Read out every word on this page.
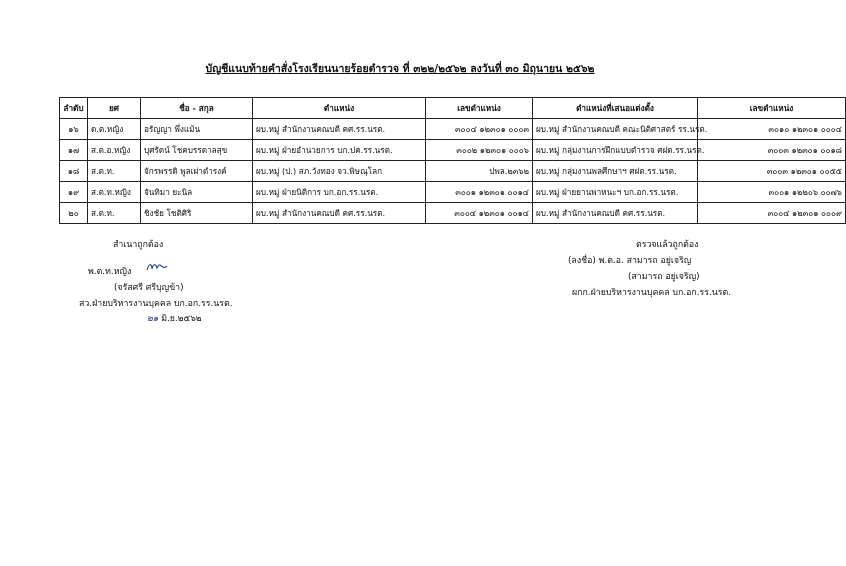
บัญชีแนบท้ายคำสั่งโรงเรียนนายร้อยตำรวจ ที่ ๓๒๒/๒๕๖๒ ลงวันที่ ๓๐ มิถุนายน ๒๕๖๒
ลำดับ	ยศ	ชื่อ - สกุล	ตำแหน่ง	เลขตำแหน่ง	ตำแหน่งที่เสนอแต่งตั้ง	เลขตำแหน่ง
๑๖	ด.ต.หญิง	อรัญญา พึ่งแม้น	ผบ.หมู่ สำนักงานคณบดี คศ.รร.นรต.	๓๐๐๔ ๑๒๓๐๑ ๐๐๐๓	ผบ.หมู่ สำนักงานคณบดี คณะนิติศาสตร์ รร.นรต.	๓๐๑๐ ๑๒๓๐๑ ๐๐๐๔
๑๗	ส.ต.อ.หญิง	บุศรัตน์ โชคบรรดาลสุข	ผบ.หมู่ ฝ่ายอำนวยการ บก.ปค.รร.นรต.	๓๐๐๒ ๑๒๓๐๑ ๐๐๐๖	ผบ.หมู่ กลุ่มงานการฝึกแบบตำรวจ ศฝต.รร.นรต.	๓๐๐๓ ๑๒๓๐๑ ๐๐๑๘
๑๘	ส.ต.ท.	จักรพรรดิ พูลเผ่าดำรงค์	ผบ.หมู่ (ป.) สภ.วังทอง จว.พิษณุโลก	ปพล.๒๓๖๒	ผบ.หมู่ กลุ่มงานพลศึกษาฯ ศฝต.รร.นรต.	๓๐๐๓ ๑๒๓๐๑ ๐๐๕๕
๑๙	ส.ต.ท.หญิง	จันทิมา ยะนิล	ผบ.หมู่ ฝ่ายนิติการ บก.อก.รร.นรต.	๓๐๐๑ ๑๒๓๐๑ ๐๐๑๔	ผบ.หมู่ ฝ่ายยานพาหนะฯ บก.อก.รร.นรต.	๓๐๐๑ ๑๒๒๐๖ ๐๐๗๖
๒๐	ส.ต.ท.	ชิงชัย โชติศิริ	ผบ.หมู่ สำนักงานคณบดี คศ.รร.นรต.	๓๐๐๔ ๑๒๓๐๑ ๐๐๑๔	ผบ.หมู่ สำนักงานคณบดี คศ.รร.นรต.	๓๐๐๔ ๑๒๓๐๑ ๐๐๐๙
สำเนาถูกต้อง
พ.ต.ท.หญิง
(จรัสศรี ศรีบุญข้า)
สว.ฝ่ายบริหารงานบุคคล บก.อก.รร.นรต.
๒๑ มิ.ย.๒๕๖๒
ตรวจแล้วถูกต้อง
(ลงชื่อ) พ.ต.อ. สามารถ อยู่เจริญ
(สามารถ อยู่เจริญ)
ผกก.ฝ่ายบริหารงานบุคคล บก.อก.รร.นรต.
